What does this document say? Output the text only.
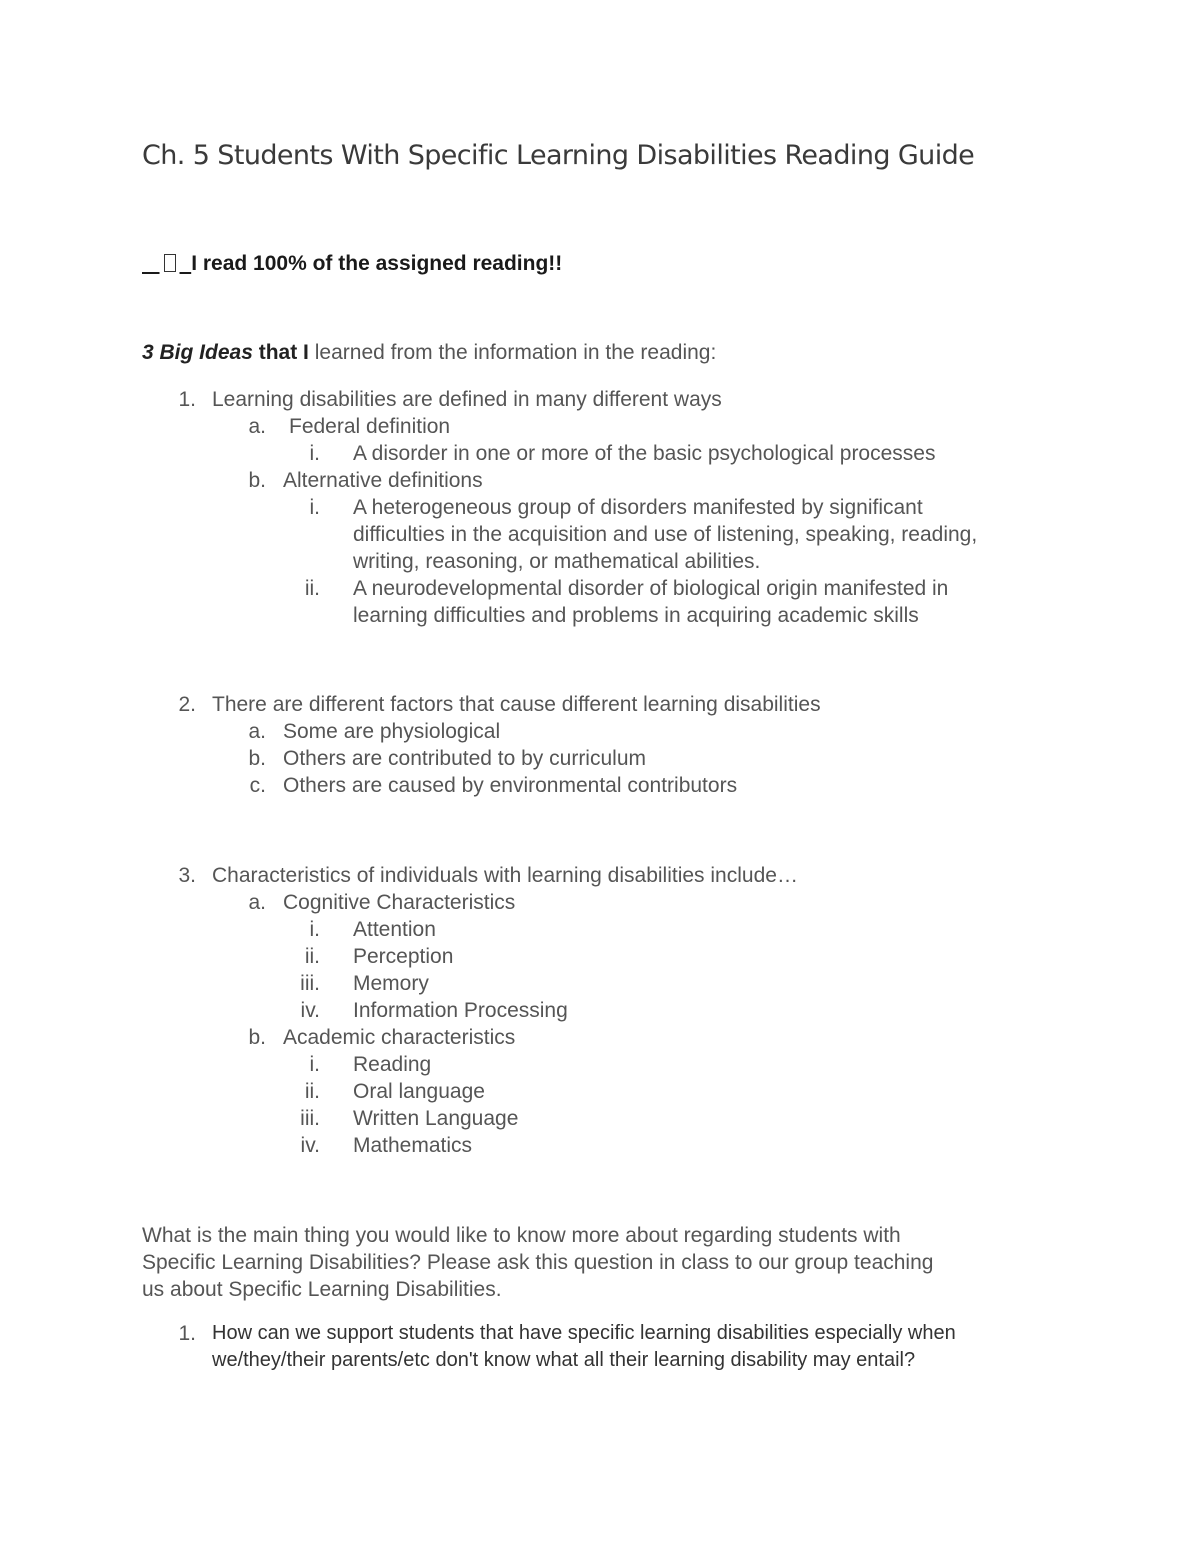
Ch. 5 Students With Specific Learning Disabilities Reading Guide
I read 100% of the assigned reading!!
3 Big Ideas that I learned from the information in the reading:
1. Learning disabilities are defined in many different ways
a. Federal definition
i. A disorder in one or more of the basic psychological processes
b. Alternative definitions
i. A heterogeneous group of disorders manifested by significant
difficulties in the acquisition and use of listening, speaking, reading,
writing, reasoning, or mathematical abilities.
ii. A neurodevelopmental disorder of biological origin manifested in
learning difficulties and problems in acquiring academic skills
2. There are different factors that cause different learning disabilities
a. Some are physiological
b. Others are contributed to by curriculum
c. Others are caused by environmental contributors
3. Characteristics of individuals with learning disabilities include…
a. Cognitive Characteristics
i. Attention
ii. Perception
iii. Memory
iv. Information Processing
b. Academic characteristics
i. Reading
ii. Oral language
iii. Written Language
iv. Mathematics
What is the main thing you would like to know more about regarding students with
Specific Learning Disabilities? Please ask this question in class to our group teaching
us about Specific Learning Disabilities.
1. How can we support students that have specific learning disabilities especially when
we/they/their parents/etc don't know what all their learning disability may entail?
